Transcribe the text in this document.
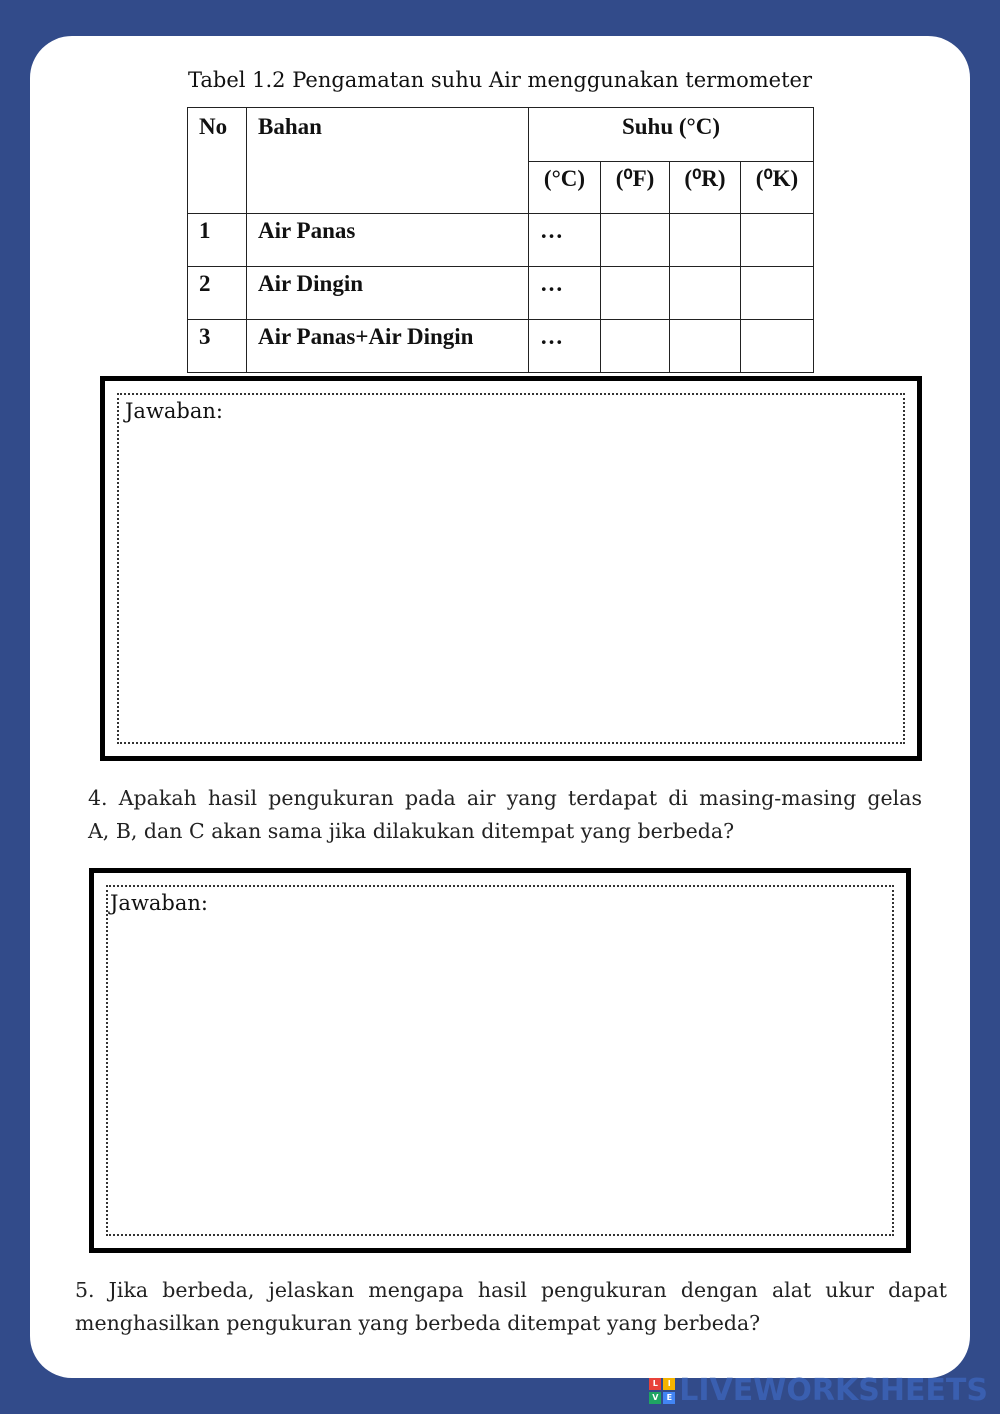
Tabel 1.2 Pengamatan suhu Air menggunakan termometer
No	Bahan	Suhu (°C)			
		(°C)	(⁰F)	(⁰R)	(⁰K)
1	Air Panas	…			
2	Air Dingin	…			
3	Air Panas+Air Dingin	…			
Jawaban:
4. Apakah hasil pengukuran pada air yang terdapat di masing-masing gelas
A, B, dan C akan sama jika dilakukan ditempat yang berbeda?
Jawaban:
5. Jika berbeda, jelaskan mengapa hasil pengukuran dengan alat ukur dapat
menghasilkan pengukuran yang berbeda ditempat yang berbeda?
L	I
V	E LIVEWORKSHEETS
